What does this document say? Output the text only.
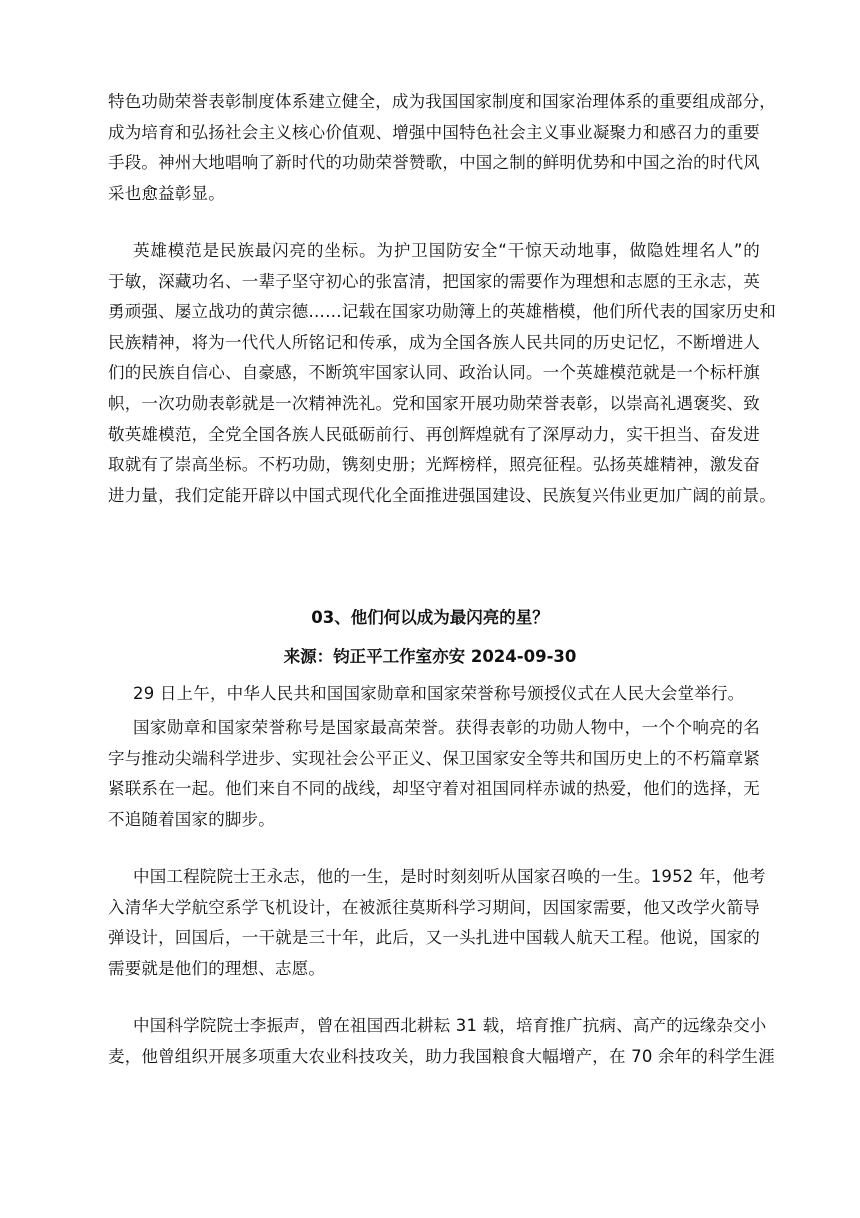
特色功勋荣誉表彰制度体系建立健全，成为我国国家制度和国家治理体系的重要组成部分，
成为培育和弘扬社会主义核心价值观、增强中国特色社会主义事业凝聚力和感召力的重要
手段。神州大地唱响了新时代的功勋荣誉赞歌，中国之制的鲜明优势和中国之治的时代风
采也愈益彰显。
英雄模范是民族最闪亮的坐标。为护卫国防安全“干惊天动地事，做隐姓埋名人”的
于敏，深藏功名、一辈子坚守初心的张富清，把国家的需要作为理想和志愿的王永志，英
勇顽强、屡立战功的黄宗德……记载在国家功勋簿上的英雄楷模，他们所代表的国家历史和
民族精神，将为一代代人所铭记和传承，成为全国各族人民共同的历史记忆，不断增进人
们的民族自信心、自豪感，不断筑牢国家认同、政治认同。一个英雄模范就是一个标杆旗
帜，一次功勋表彰就是一次精神洗礼。党和国家开展功勋荣誉表彰，以崇高礼遇褒奖、致
敬英雄模范，全党全国各族人民砥砺前行、再创辉煌就有了深厚动力，实干担当、奋发进
取就有了崇高坐标。不朽功勋，镌刻史册；光辉榜样，照亮征程。弘扬英雄精神，激发奋
进力量，我们定能开辟以中国式现代化全面推进强国建设、民族复兴伟业更加广阔的前景。
03、他们何以成为最闪亮的星？
来源：钧正平工作室亦安 2024-09-30
29 日上午，中华人民共和国国家勋章和国家荣誉称号颁授仪式在人民大会堂举行。
国家勋章和国家荣誉称号是国家最高荣誉。获得表彰的功勋人物中，一个个响亮的名
字与推动尖端科学进步、实现社会公平正义、保卫国家安全等共和国历史上的不朽篇章紧
紧联系在一起。他们来自不同的战线，却坚守着对祖国同样赤诚的热爱，他们的选择，无
不追随着国家的脚步。
中国工程院院士王永志，他的一生，是时时刻刻听从国家召唤的一生。1952 年，他考
入清华大学航空系学飞机设计，在被派往莫斯科学习期间，因国家需要，他又改学火箭导
弹设计，回国后，一干就是三十年，此后，又一头扎进中国载人航天工程。他说，国家的
需要就是他们的理想、志愿。
中国科学院院士李振声，曾在祖国西北耕耘 31 载，培育推广抗病、高产的远缘杂交小
麦，他曾组织开展多项重大农业科技攻关，助力我国粮食大幅增产，在 70 余年的科学生涯
